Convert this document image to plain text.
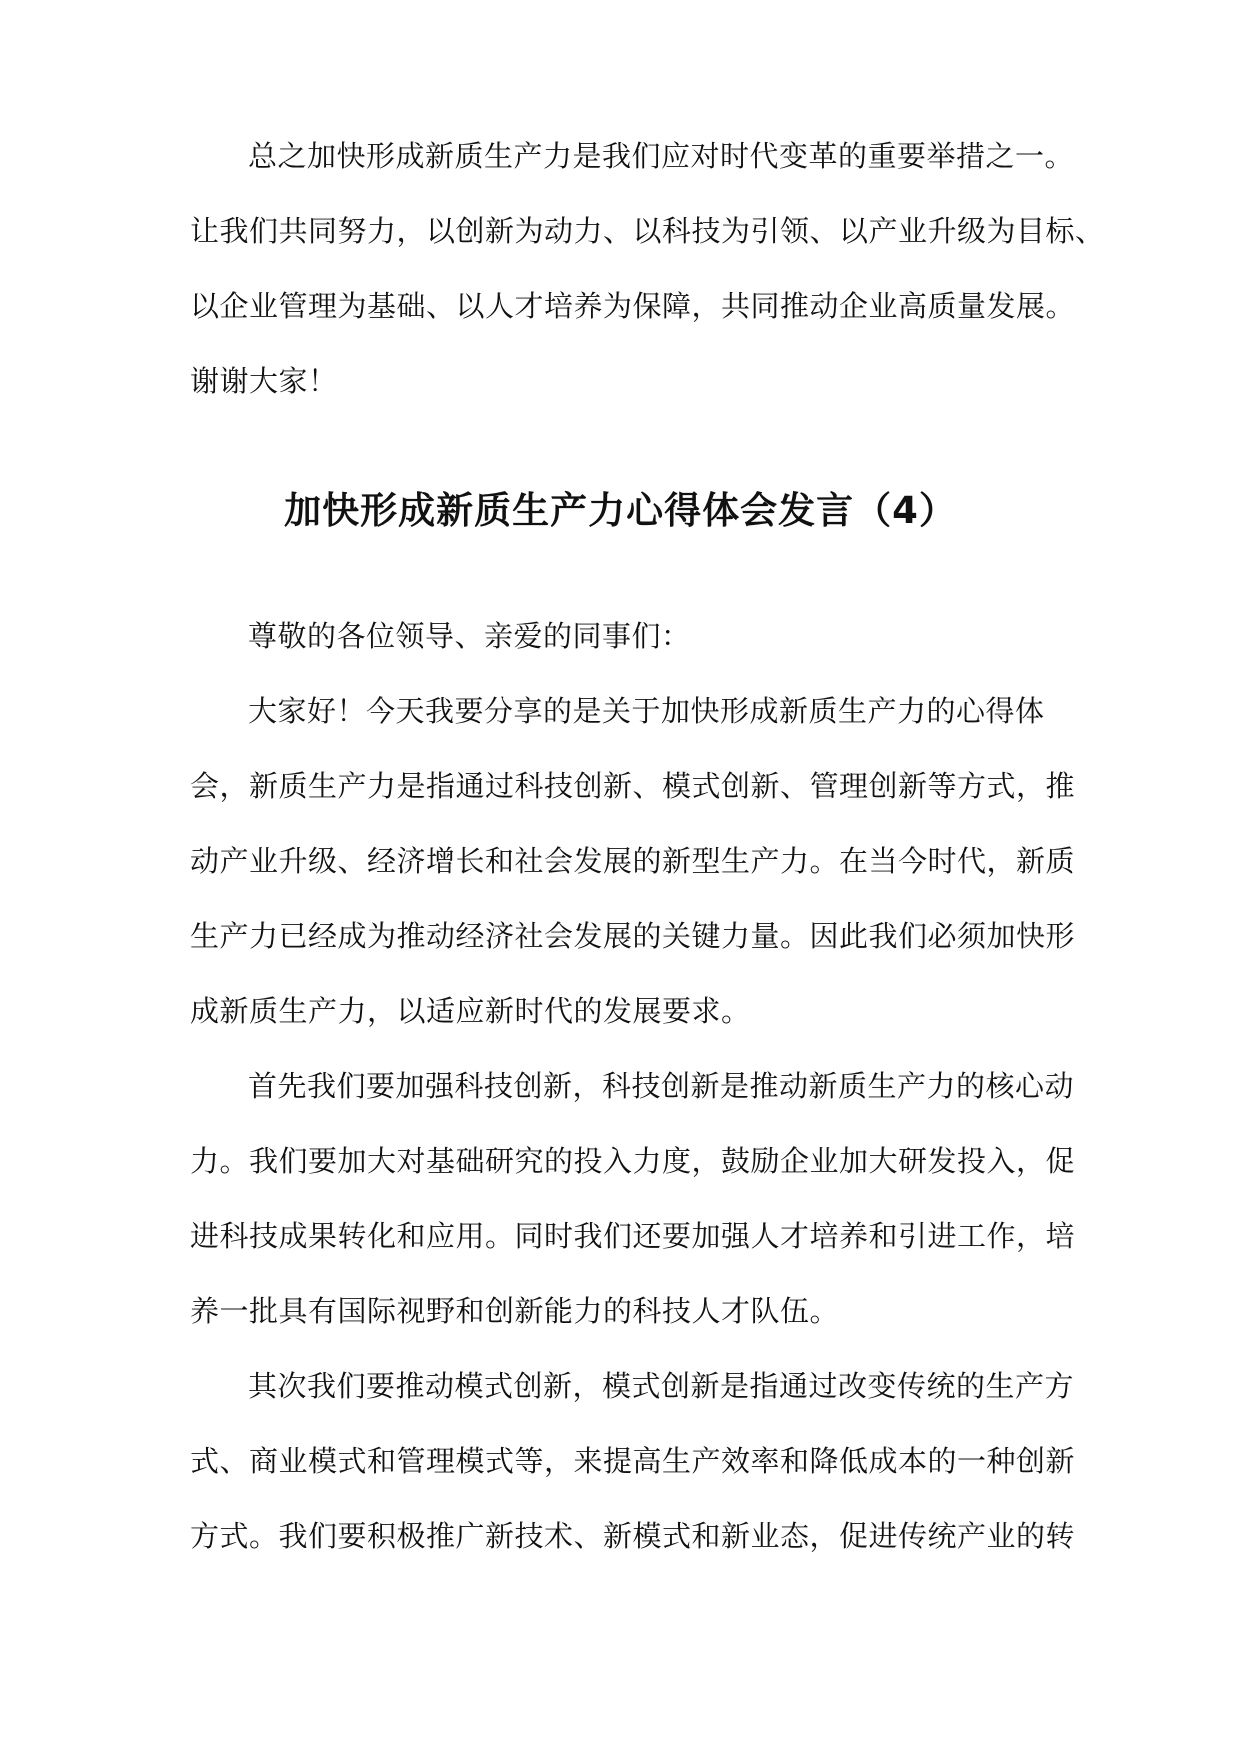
总之加快形成新质生产力是我们应对时代变革的重要举措之一。
让我们共同努力，以创新为动力、以科技为引领、以产业升级为目标、
以企业管理为基础、以人才培养为保障，共同推动企业高质量发展。
谢谢大家！
加快形成新质生产力心得体会发言（4）
尊敬的各位领导、亲爱的同事们：
大家好！今天我要分享的是关于加快形成新质生产力的心得体
会，新质生产力是指通过科技创新、模式创新、管理创新等方式，推
动产业升级、经济增长和社会发展的新型生产力。在当今时代，新质
生产力已经成为推动经济社会发展的关键力量。因此我们必须加快形
成新质生产力，以适应新时代的发展要求。
首先我们要加强科技创新，科技创新是推动新质生产力的核心动
力。我们要加大对基础研究的投入力度，鼓励企业加大研发投入，促
进科技成果转化和应用。同时我们还要加强人才培养和引进工作，培
养一批具有国际视野和创新能力的科技人才队伍。
其次我们要推动模式创新，模式创新是指通过改变传统的生产方
式、商业模式和管理模式等，来提高生产效率和降低成本的一种创新
方式。我们要积极推广新技术、新模式和新业态，促进传统产业的转
